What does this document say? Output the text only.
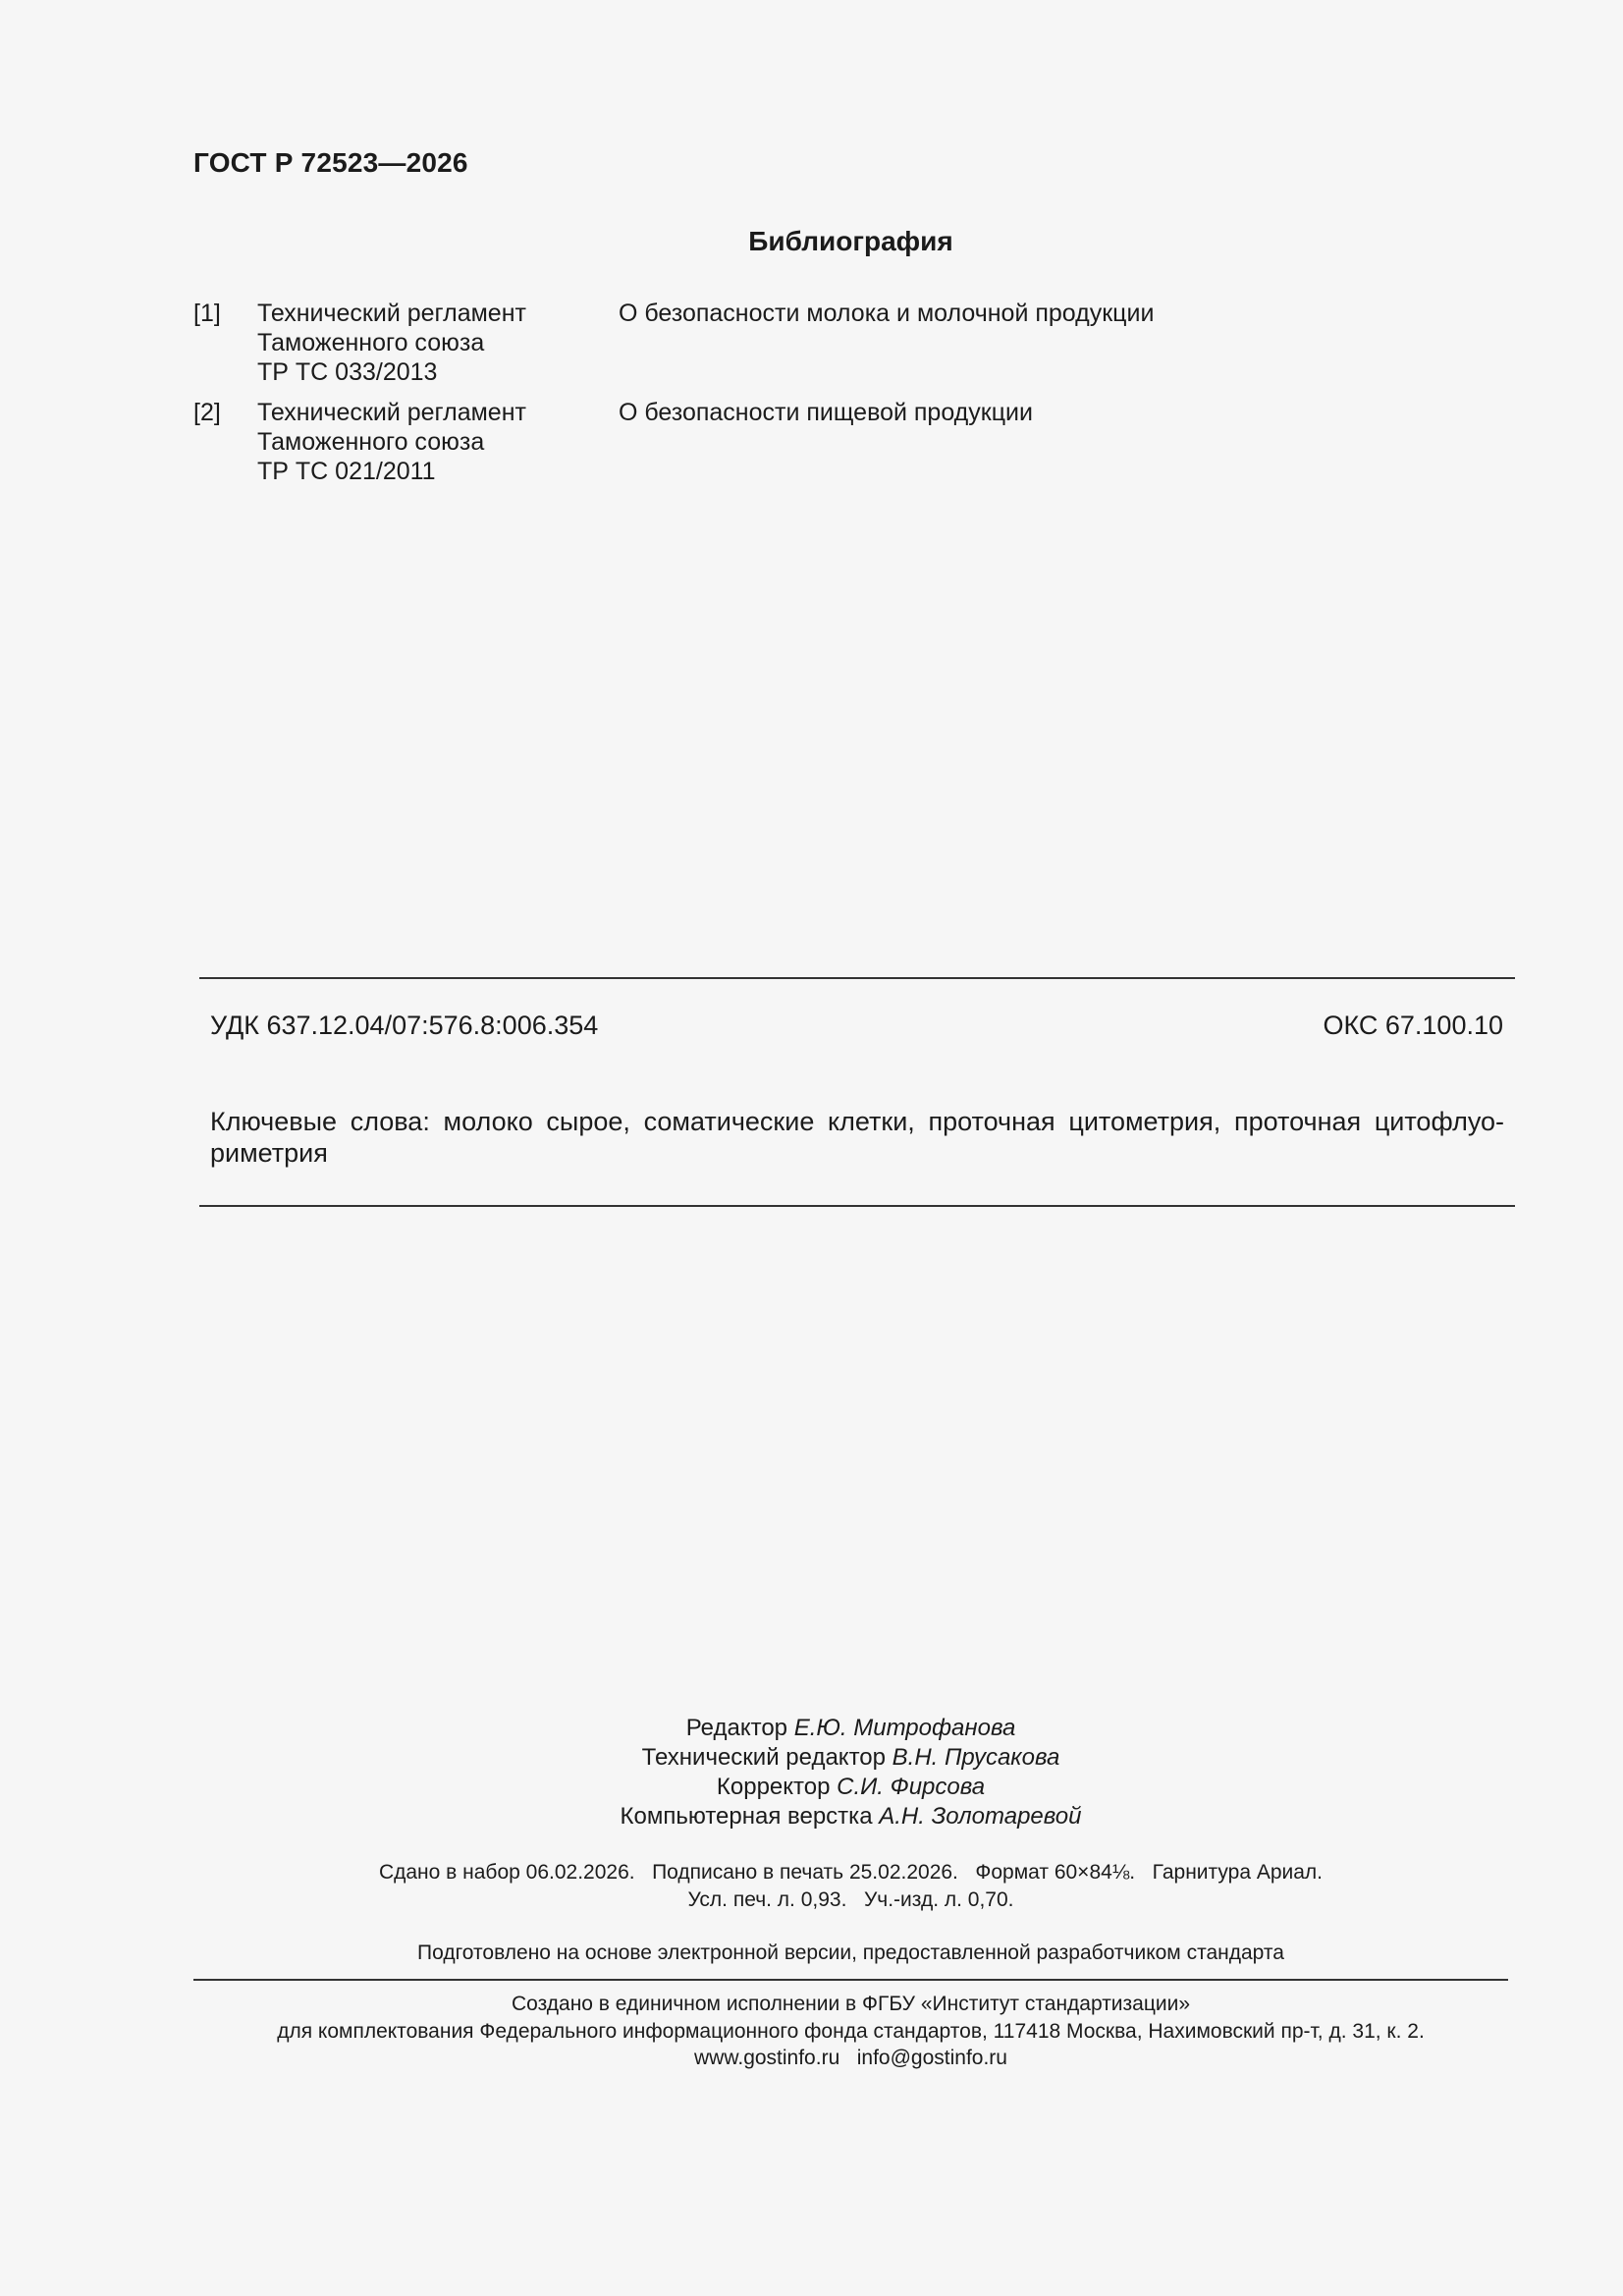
ГОСТ Р 72523—2026
Библиография
[1] Технический регламент
Таможенного союза
ТР ТС 033/2013
О безопасности молока и молочной продукции
[2] Технический регламент
Таможенного союза
ТР ТС 021/2011
О безопасности пищевой продукции
УДК 637.12.04/07:576.8:006.354	ОКС 67.100.10
Ключевые слова: молоко сырое, соматические клетки, проточная цитометрия, проточная цитофлуо-риметрия
Редактор Е.Ю. Митрофанова
Технический редактор В.Н. Прусакова
Корректор С.И. Фирсова
Компьютерная верстка А.Н. Золотаревой
Сдано в набор 06.02.2026.   Подписано в печать 25.02.2026.   Формат 60×84⅛.   Гарнитура Ариал.
Усл. печ. л. 0,93.   Уч.-изд. л. 0,70.
Подготовлено на основе электронной версии, предоставленной разработчиком стандарта
Создано в единичном исполнении в ФГБУ «Институт стандартизации»
для комплектования Федерального информационного фонда стандартов, 117418 Москва, Нахимовский пр-т, д. 31, к. 2.
www.gostinfo.ru   info@gostinfo.ru
